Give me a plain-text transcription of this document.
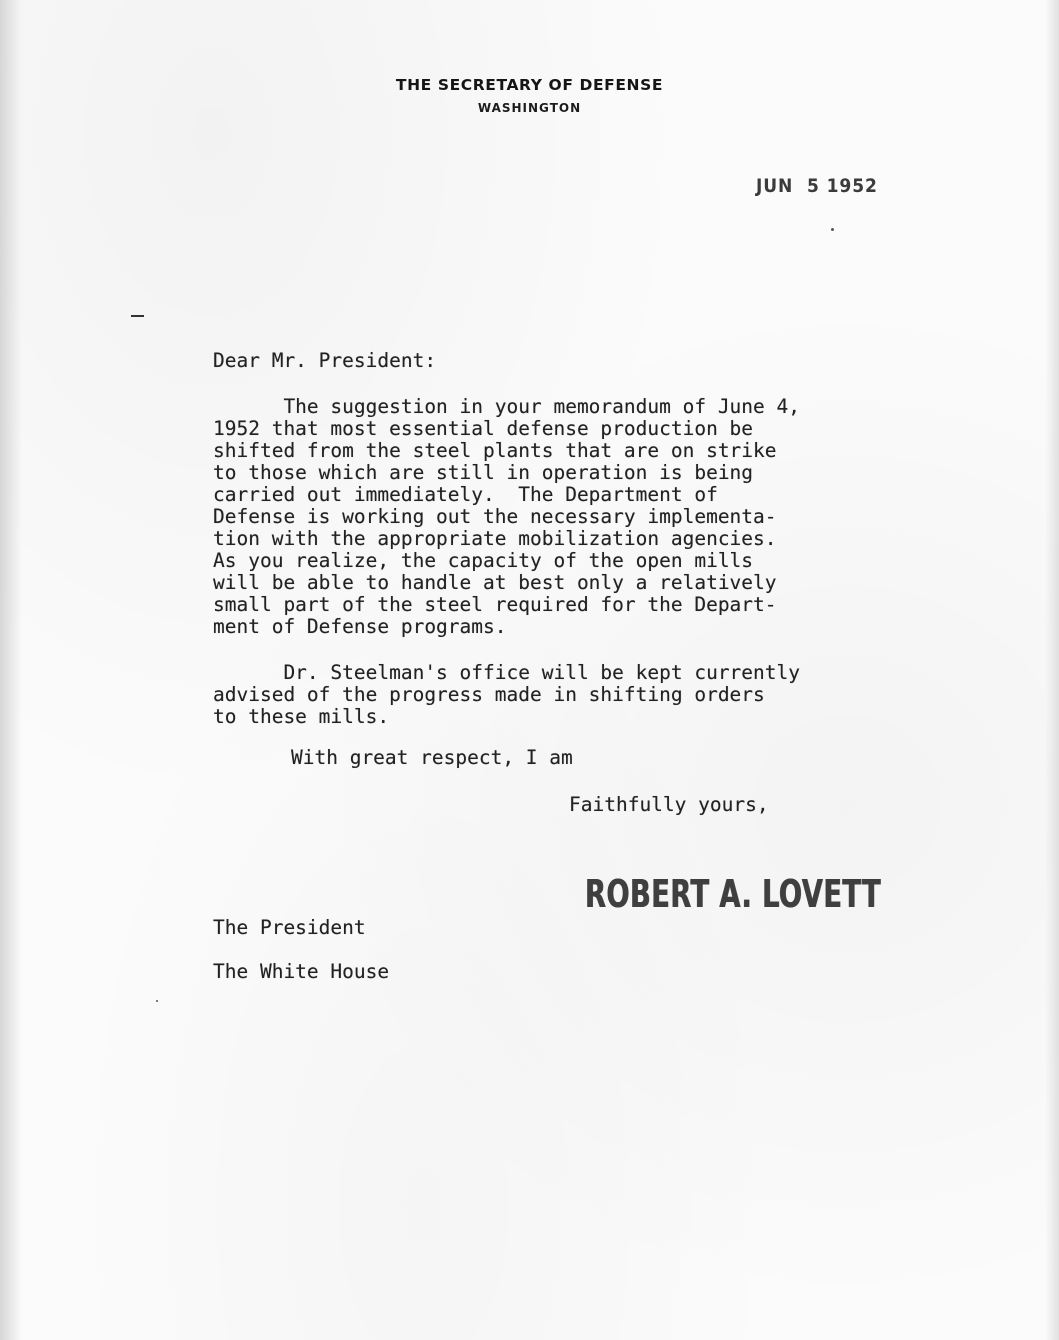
THE SECRETARY OF DEFENSE
WASHINGTON
JUN  5 1952
Dear Mr. President:
The suggestion in your memorandum of June 4,
1952 that most essential defense production be
shifted from the steel plants that are on strike
to those which are still in operation is being
carried out immediately.  The Department of
Defense is working out the necessary implementa-
tion with the appropriate mobilization agencies.
As you realize, the capacity of the open mills
will be able to handle at best only a relatively
small part of the steel required for the Depart-
ment of Defense programs.
Dr. Steelman's office will be kept currently
advised of the progress made in shifting orders
to these mills.
With great respect, I am
Faithfully yours,
ROBERT A. LOVETT
The President
The White House
